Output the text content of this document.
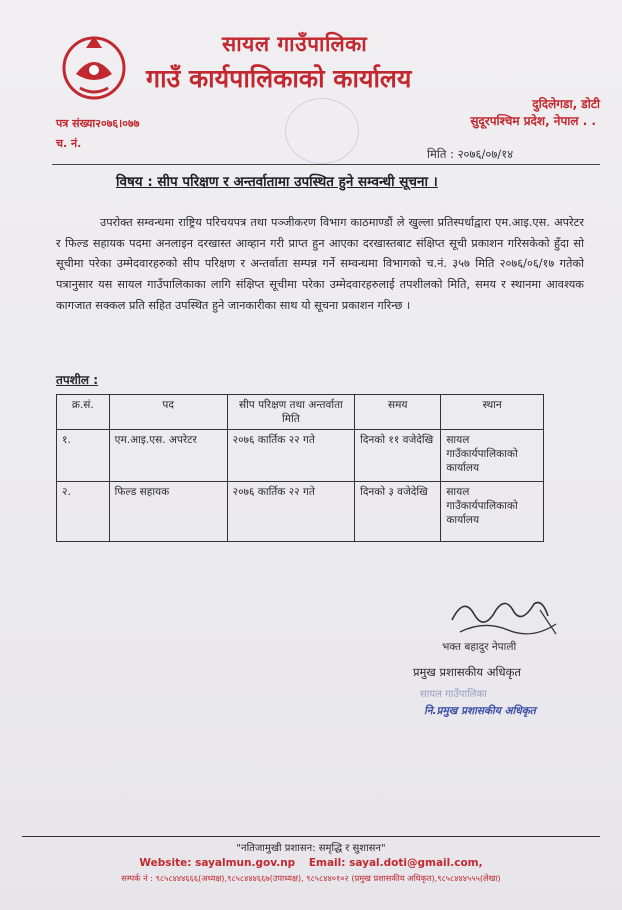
सायल गाउँपालिका
गाउँ कार्यपालिकाको कार्यालय
दुदिलेगडा, डोटी
सुदूरपश्चिम प्रदेश, नेपाल . .
पत्र संख्या२०७६।०७७
च. नं.
मिति : २०७६/०७/१४
विषय : सीप परिक्षण र अन्तर्वातामा उपस्थित हुने सम्वन्धी सूचना ।
उपरोक्त सम्वन्धमा राष्ट्रिय परिचयपत्र तथा पञ्जीकरण विभाग काठमाण्डौं ले खुल्ला प्रतिस्पर्धाद्वारा एम.आइ.एस. अपरेटर र फिल्ड सहायक पदमा अनलाइन दरखास्त आव्हान गरी प्राप्त हुन आएका दरखास्तबाट संक्षिप्त सूची प्रकाशन गरिसकेको हुँदा सो सूचीमा परेका उम्मेदवारहरुको सीप परिक्षण र अन्तर्वाता सम्पन्न गर्ने सम्वन्धमा विभागको च.नं. ३५७ मिति २०७६/०६/१७ गतेको पत्रानुसार यस सायल गाउँपालिकाका लागि संक्षिप्त सूचीमा परेका उम्मेदवारहरुलाई तपशीलको मिति, समय र स्थानमा आवश्यक कागजात सक्कल प्रति सहित उपस्थित हुने जानकारीका साथ यो सूचना प्रकाशन गरिन्छ ।
तपशील :
क्र.सं.	पद	सीप परिक्षण तथा अन्तर्वाता मिति	समय	स्थान
१.	एम.आइ.एस. अपरेटर	२०७६ कार्तिक २२ गते	दिनको ११ वजेदेखि	सायल गाउँकार्यपालिकाको कार्यालय
२.	फिल्ड सहायक	२०७६ कार्तिक २२ गते	दिनको ३ वजेदेखि	सायल गाउँकार्यपालिकाको कार्यालय
भक्त बहादुर नेपाली
प्रमुख प्रशासकीय अधिकृत
सायल गाउँपालिका
नि.प्रमुख प्रशासकीय अधिकृत
"नतिजामुखी प्रशासन: समृद्धि र सुशासन"
Website: sayalmun.gov.np Email: sayal.doti@gmail.com,
सम्पर्क नं : ९८५८४४४६६६(अध्यक्ष),९८५८४४४६६७(उपाध्यक्ष), ९८५८४४०१०२ (प्रमुख प्रशासकीय अधिकृत),९८५८४४४५५५(लेखा)
